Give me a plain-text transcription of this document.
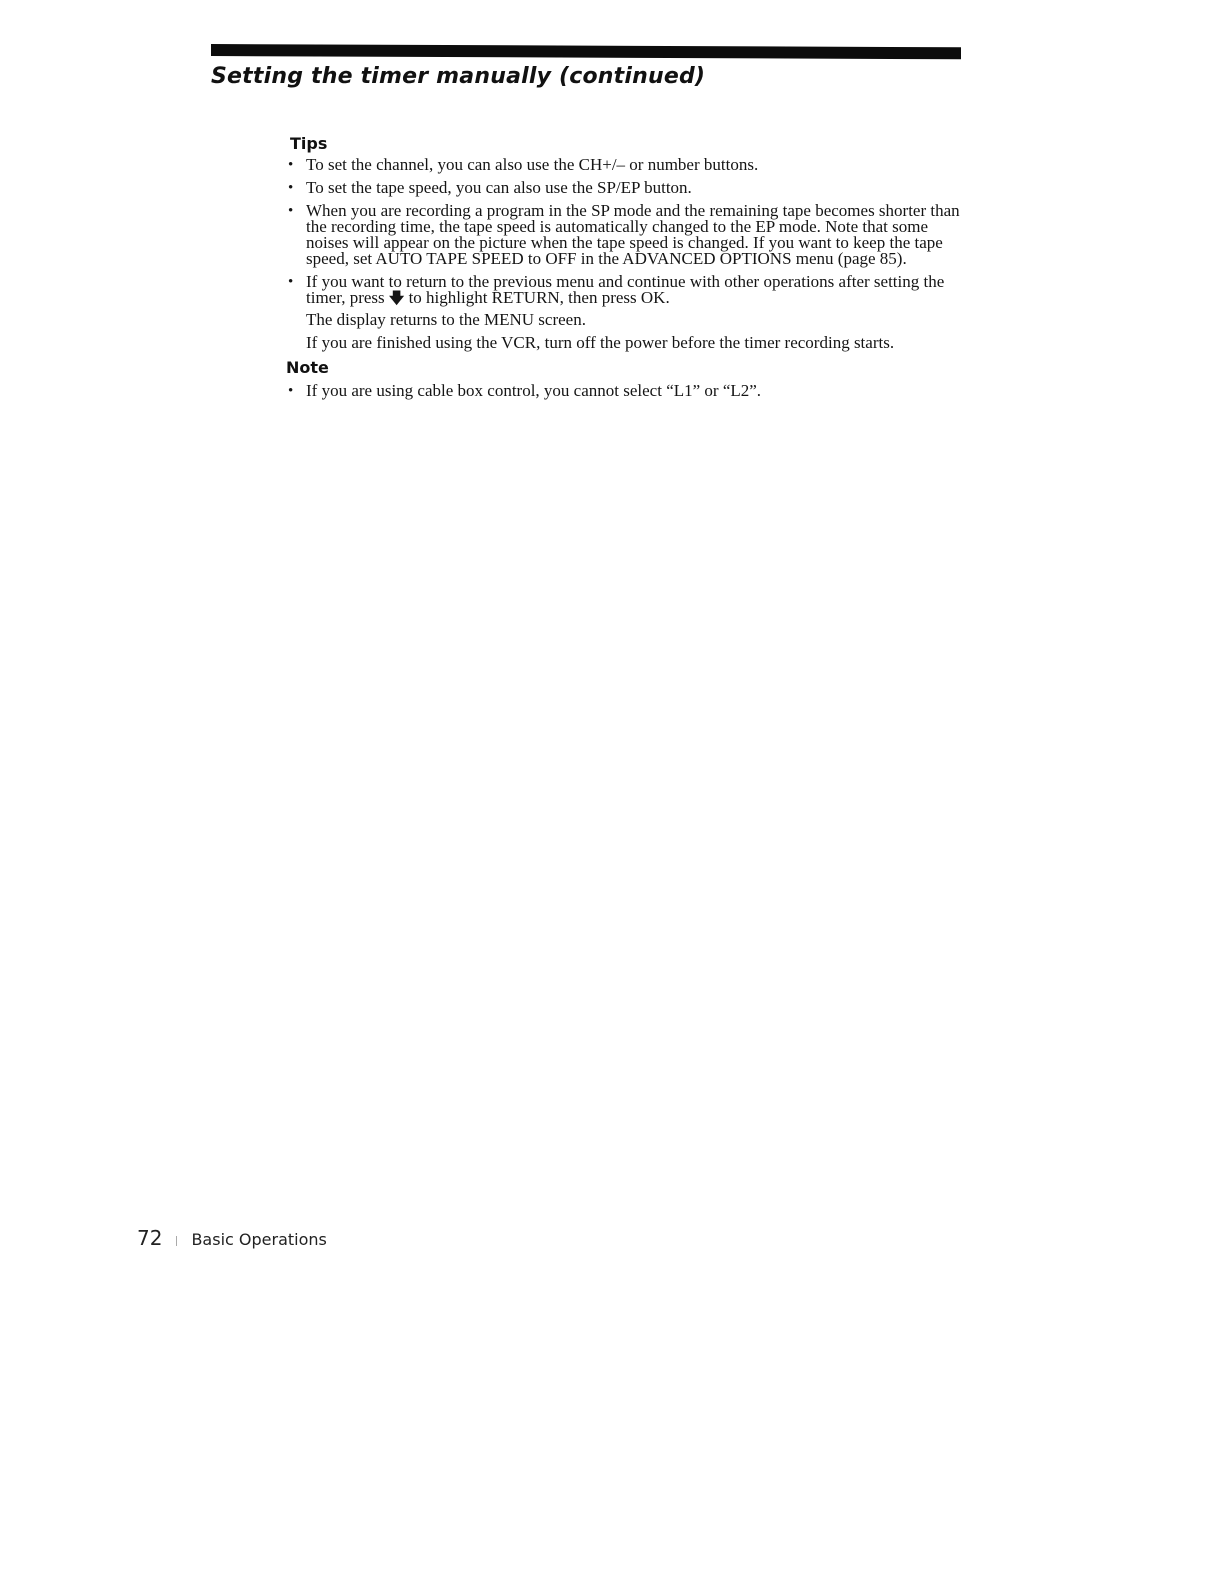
Setting the timer manually (continued)
Tips
• To set the channel, you can also use the CH+/– or number buttons.
• To set the tape speed, you can also use the SP/EP button.
• When you are recording a program in the SP mode and the remaining tape becomes shorter than the recording time, the tape speed is automatically changed to the EP mode. Note that some noises will appear on the picture when the tape speed is changed. If you want to keep the tape speed, set AUTO TAPE SPEED to OFF in the ADVANCED OPTIONS menu (page 85).
• If you want to return to the previous menu and continue with other operations after setting the timer, press 🡇 to highlight RETURN, then press OK.

The display returns to the MENU screen.

If you are finished using the VCR, turn off the power before the timer recording starts.

Note
• If you are using cable box control, you cannot select “L1” or “L2”.
72 Basic Operations
